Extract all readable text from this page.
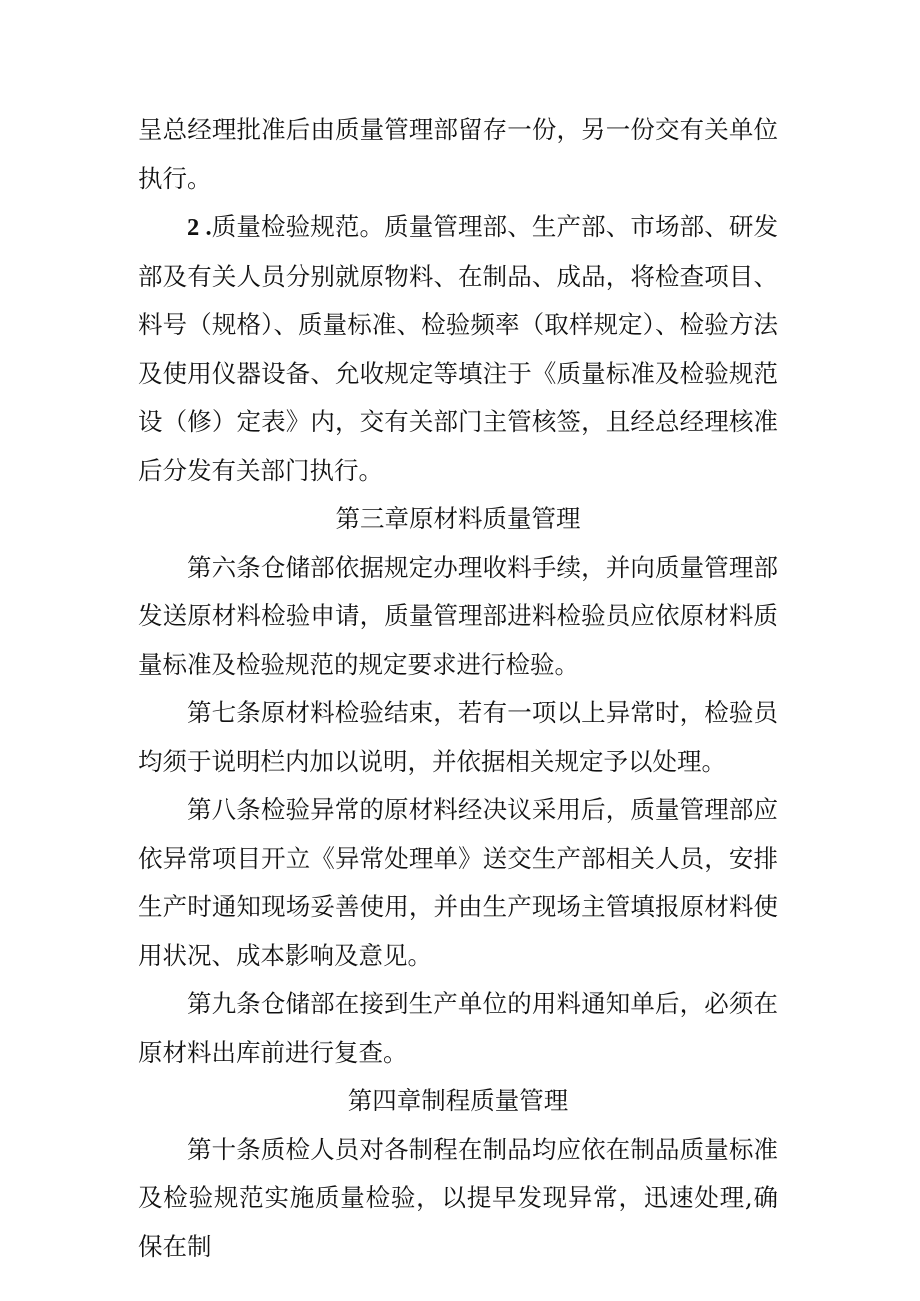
呈总经理批准后由质量管理部留存一份，另一份交有关单位执行。

2 .质量检验规范。质量管理部、生产部、市场部、研发部及有关人员分别就原物料、在制品、成品，将检查项目、料号（规格）、质量标准、检验频率（取样规定）、检验方法及使用仪器设备、允收规定等填注于《质量标准及检验规范设（修）定表》内，交有关部门主管核签，且经总经理核准后分发有关部门执行。

第三章原材料质量管理

第六条仓储部依据规定办理收料手续，并向质量管理部发送原材料检验申请，质量管理部进料检验员应依原材料质量标准及检验规范的规定要求进行检验。

第七条原材料检验结束，若有一项以上异常时，检验员均须于说明栏内加以说明，并依据相关规定予以处理。

第八条检验异常的原材料经决议采用后，质量管理部应依异常项目开立《异常处理单》送交生产部相关人员，安排生产时通知现场妥善使用，并由生产现场主管填报原材料使用状况、成本影响及意见。

第九条仓储部在接到生产单位的用料通知单后，必须在原材料出库前进行复查。

第四章制程质量管理

第十条质检人员对各制程在制品均应依在制品质量标准及检验规范实施质量检验，以提早发现异常，迅速处理,确保在制
